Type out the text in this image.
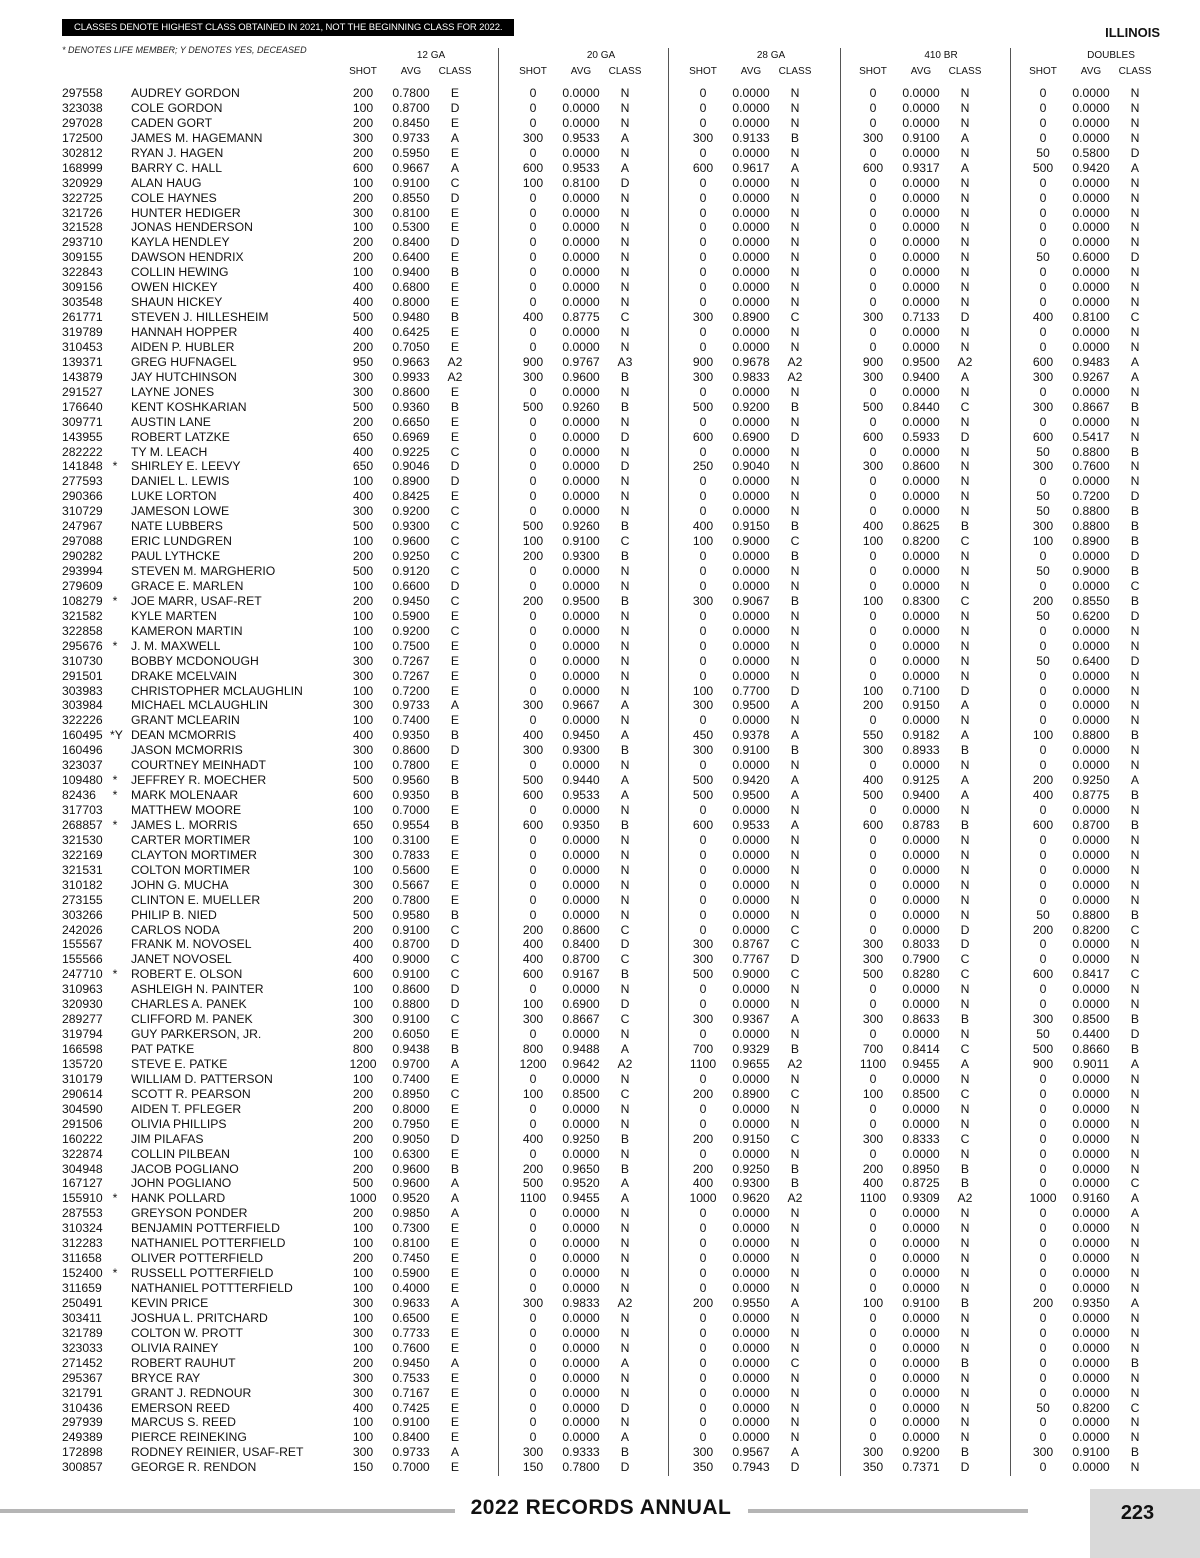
CLASSES DENOTE HIGHEST CLASS OBTAINED IN 2021, NOT THE BEGINNING CLASS FOR 2022.	ILLINOIS
* DENOTES LIFE MEMBER; Y DENOTES YES, DECEASED	12 GA
SHOT	AVG	CLASS
20 GA
SHOT	AVG	CLASS
28 GA
SHOT	AVG	CLASS
410 BR
SHOT	AVG	CLASS
DOUBLES
SHOT	AVG	CLASS
297558 AUDREY GORDON	200	0.7800	E	0	0.0000	N	0	0.0000	N	0	0.0000	N	0	0.0000	N
323038 COLE GORDON	100	0.8700	D	0	0.0000	N	0	0.0000	N	0	0.0000	N	0	0.0000	N
297028 CADEN GORT	200	0.8450	E	0	0.0000	N	0	0.0000	N	0	0.0000	N	0	0.0000	N
172500 JAMES M. HAGEMANN	300	0.9733	A	300	0.9533	A	300	0.9133	B	300	0.9100	A	0	0.0000	N
302812 RYAN J. HAGEN	200	0.5950	E	0	0.0000	N	0	0.0000	N	0	0.0000	N	50	0.5800	D
168999 BARRY C. HALL	600	0.9667	A	600	0.9533	A	600	0.9617	A	600	0.9317	A	500	0.9420	A
320929 ALAN HAUG	100	0.9100	C	100	0.8100	D	0	0.0000	N	0	0.0000	N	0	0.0000	N
322725 COLE HAYNES	200	0.8550	D	0	0.0000	N	0	0.0000	N	0	0.0000	N	0	0.0000	N
321726 HUNTER HEDIGER	300	0.8100	E	0	0.0000	N	0	0.0000	N	0	0.0000	N	0	0.0000	N
321528 JONAS HENDERSON	100	0.5300	E	0	0.0000	N	0	0.0000	N	0	0.0000	N	0	0.0000	N
293710 KAYLA HENDLEY	200	0.8400	D	0	0.0000	N	0	0.0000	N	0	0.0000	N	0	0.0000	N
309155 DAWSON HENDRIX	200	0.6400	E	0	0.0000	N	0	0.0000	N	0	0.0000	N	50	0.6000	D
322843 COLLIN HEWING	100	0.9400	B	0	0.0000	N	0	0.0000	N	0	0.0000	N	0	0.0000	N
309156 OWEN HICKEY	400	0.6800	E	0	0.0000	N	0	0.0000	N	0	0.0000	N	0	0.0000	N
303548 SHAUN HICKEY	400	0.8000	E	0	0.0000	N	0	0.0000	N	0	0.0000	N	0	0.0000	N
261771 STEVEN J. HILLESHEIM	500	0.9480	B	400	0.8775	C	300	0.8900	C	300	0.7133	D	400	0.8100	C
319789 HANNAH HOPPER	400	0.6425	E	0	0.0000	N	0	0.0000	N	0	0.0000	N	0	0.0000	N
310453 AIDEN P. HUBLER	200	0.7050	E	0	0.0000	N	0	0.0000	N	0	0.0000	N	0	0.0000	N
139371 GREG HUFNAGEL	950	0.9663	A2	900	0.9767	A3	900	0.9678	A2	900	0.9500	A2	600	0.9483	A
143879 JAY HUTCHINSON	300	0.9933	A2	300	0.9600	B	300	0.9833	A2	300	0.9400	A	300	0.9267	A
291527 LAYNE JONES	300	0.8600	E	0	0.0000	N	0	0.0000	N	0	0.0000	N	0	0.0000	N
176640 KENT KOSHKARIAN	500	0.9360	B	500	0.9260	B	500	0.9200	B	500	0.8440	C	300	0.8667	B
309771 AUSTIN LANE	200	0.6650	E	0	0.0000	N	0	0.0000	N	0	0.0000	N	0	0.0000	N
143955 ROBERT LATZKE	650	0.6969	E	0	0.0000	D	600	0.6900	D	600	0.5933	D	600	0.5417	N
282222 TY M. LEACH	400	0.9225	C	0	0.0000	N	0	0.0000	N	0	0.0000	N	50	0.8800	B
141848 * SHIRLEY E. LEEVY	650	0.9046	D	0	0.0000	D	250	0.9040	N	300	0.8600	N	300	0.7600	N
277593 DANIEL L. LEWIS	100	0.8900	D	0	0.0000	N	0	0.0000	N	0	0.0000	N	0	0.0000	N
290366 LUKE LORTON	400	0.8425	E	0	0.0000	N	0	0.0000	N	0	0.0000	N	50	0.7200	D
310729 JAMESON LOWE	300	0.9200	C	0	0.0000	N	0	0.0000	N	0	0.0000	N	50	0.8800	B
247967 NATE LUBBERS	500	0.9300	C	500	0.9260	B	400	0.9150	B	400	0.8625	B	300	0.8800	B
297088 ERIC LUNDGREN	100	0.9600	C	100	0.9100	C	100	0.9000	C	100	0.8200	C	100	0.8900	B
290282 PAUL LYTHCKE	200	0.9250	C	200	0.9300	B	0	0.0000	B	0	0.0000	N	0	0.0000	D
293994 STEVEN M. MARGHERIO	500	0.9120	C	0	0.0000	N	0	0.0000	N	0	0.0000	N	50	0.9000	B
279609 GRACE E. MARLEN	100	0.6600	D	0	0.0000	N	0	0.0000	N	0	0.0000	N	0	0.0000	C
108279 * JOE MARR, USAF-RET	200	0.9450	C	200	0.9500	B	300	0.9067	B	100	0.8300	C	200	0.8550	B
321582 KYLE MARTEN	100	0.5900	E	0	0.0000	N	0	0.0000	N	0	0.0000	N	50	0.6200	D
322858 KAMERON MARTIN	100	0.9200	C	0	0.0000	N	0	0.0000	N	0	0.0000	N	0	0.0000	N
295676 * J. M. MAXWELL	100	0.7500	E	0	0.0000	N	0	0.0000	N	0	0.0000	N	0	0.0000	N
310730 BOBBY MCDONOUGH	300	0.7267	E	0	0.0000	N	0	0.0000	N	0	0.0000	N	50	0.6400	D
291501 DRAKE MCELVAIN	300	0.7267	E	0	0.0000	N	0	0.0000	N	0	0.0000	N	0	0.0000	N
303983 CHRISTOPHER MCLAUGHLIN	100	0.7200	E	0	0.0000	N	100	0.7700	D	100	0.7100	D	0	0.0000	N
303984 MICHAEL MCLAUGHLIN	300	0.9733	A	300	0.9667	A	300	0.9500	A	200	0.9150	A	0	0.0000	N
322226 GRANT MCLEARIN	100	0.7400	E	0	0.0000	N	0	0.0000	N	0	0.0000	N	0	0.0000	N
160495 *Y DEAN MCMORRIS	400	0.9350	B	400	0.9450	A	450	0.9378	A	550	0.9182	A	100	0.8800	B
160496 JASON MCMORRIS	300	0.8600	D	300	0.9300	B	300	0.9100	B	300	0.8933	B	0	0.0000	N
323037 COURTNEY MEINHADT	100	0.7800	E	0	0.0000	N	0	0.0000	N	0	0.0000	N	0	0.0000	N
109480 * JEFFREY R. MOECHER	500	0.9560	B	500	0.9440	A	500	0.9420	A	400	0.9125	A	200	0.9250	A
82436 * MARK MOLENAAR	600	0.9350	B	600	0.9533	A	500	0.9500	A	500	0.9400	A	400	0.8775	B
317703 MATTHEW MOORE	100	0.7000	E	0	0.0000	N	0	0.0000	N	0	0.0000	N	0	0.0000	N
268857 * JAMES L. MORRIS	650	0.9554	B	600	0.9350	B	600	0.9533	A	600	0.8783	B	600	0.8700	B
321530 CARTER MORTIMER	100	0.3100	E	0	0.0000	N	0	0.0000	N	0	0.0000	N	0	0.0000	N
322169 CLAYTON MORTIMER	300	0.7833	E	0	0.0000	N	0	0.0000	N	0	0.0000	N	0	0.0000	N
321531 COLTON MORTIMER	100	0.5600	E	0	0.0000	N	0	0.0000	N	0	0.0000	N	0	0.0000	N
310182 JOHN G. MUCHA	300	0.5667	E	0	0.0000	N	0	0.0000	N	0	0.0000	N	0	0.0000	N
273155 CLINTON E. MUELLER	200	0.7800	E	0	0.0000	N	0	0.0000	N	0	0.0000	N	0	0.0000	N
303266 PHILIP B. NIED	500	0.9580	B	0	0.0000	N	0	0.0000	N	0	0.0000	N	50	0.8800	B
242026 CARLOS NODA	200	0.9100	C	200	0.8600	C	0	0.0000	C	0	0.0000	D	200	0.8200	C
155567 FRANK M. NOVOSEL	400	0.8700	D	400	0.8400	D	300	0.8767	C	300	0.8033	D	0	0.0000	N
155566 JANET NOVOSEL	400	0.9000	C	400	0.8700	C	300	0.7767	D	300	0.7900	C	0	0.0000	N
247710 * ROBERT E. OLSON	600	0.9100	C	600	0.9167	B	500	0.9000	C	500	0.8280	C	600	0.8417	C
310963 ASHLEIGH N. PAINTER	100	0.8600	D	0	0.0000	N	0	0.0000	N	0	0.0000	N	0	0.0000	N
320930 CHARLES A. PANEK	100	0.8800	D	100	0.6900	D	0	0.0000	N	0	0.0000	N	0	0.0000	N
289277 CLIFFORD M. PANEK	300	0.9100	C	300	0.8667	C	300	0.9367	A	300	0.8633	B	300	0.8500	B
319794 GUY PARKERSON, JR.	200	0.6050	E	0	0.0000	N	0	0.0000	N	0	0.0000	N	50	0.4400	D
166598 PAT PATKE	800	0.9438	B	800	0.9488	A	700	0.9329	B	700	0.8414	C	500	0.8660	B
135720 STEVE E. PATKE	1200	0.9700	A	1200	0.9642	A2	1100	0.9655	A2	1100	0.9455	A	900	0.9011	A
310179 WILLIAM D. PATTERSON	100	0.7400	E	0	0.0000	N	0	0.0000	N	0	0.0000	N	0	0.0000	N
290614 SCOTT R. PEARSON	200	0.8950	C	100	0.8500	C	200	0.8900	C	100	0.8500	C	0	0.0000	N
304590 AIDEN T. PFLEGER	200	0.8000	E	0	0.0000	N	0	0.0000	N	0	0.0000	N	0	0.0000	N
291506 OLIVIA PHILLIPS	200	0.7950	E	0	0.0000	N	0	0.0000	N	0	0.0000	N	0	0.0000	N
160222 JIM PILAFAS	200	0.9050	D	400	0.9250	B	200	0.9150	C	300	0.8333	C	0	0.0000	N
322874 COLLIN PILBEAN	100	0.6300	E	0	0.0000	N	0	0.0000	N	0	0.0000	N	0	0.0000	N
304948 JACOB POGLIANO	200	0.9600	B	200	0.9650	B	200	0.9250	B	200	0.8950	B	0	0.0000	N
167127 JOHN POGLIANO	500	0.9600	A	500	0.9520	A	400	0.9300	B	400	0.8725	B	0	0.0000	C
155910 * HANK POLLARD	1000	0.9520	A	1100	0.9455	A	1000	0.9620	A2	1100	0.9309	A2	1000	0.9160	A
287553 GREYSON PONDER	200	0.9850	A	0	0.0000	N	0	0.0000	N	0	0.0000	N	0	0.0000	A
310324 BENJAMIN POTTERFIELD	100	0.7300	E	0	0.0000	N	0	0.0000	N	0	0.0000	N	0	0.0000	N
312283 NATHANIEL POTTERFIELD	100	0.8100	E	0	0.0000	N	0	0.0000	N	0	0.0000	N	0	0.0000	N
311658 OLIVER POTTERFIELD	200	0.7450	E	0	0.0000	N	0	0.0000	N	0	0.0000	N	0	0.0000	N
152400 * RUSSELL POTTERFIELD	100	0.5900	E	0	0.0000	N	0	0.0000	N	0	0.0000	N	0	0.0000	N
311659 NATHANIEL POTTTERFIELD	100	0.4000	E	0	0.0000	N	0	0.0000	N	0	0.0000	N	0	0.0000	N
250491 KEVIN PRICE	300	0.9633	A	300	0.9833	A2	200	0.9550	A	100	0.9100	B	200	0.9350	A
303411 JOSHUA L. PRITCHARD	100	0.6500	E	0	0.0000	N	0	0.0000	N	0	0.0000	N	0	0.0000	N
321789 COLTON W. PROTT	300	0.7733	E	0	0.0000	N	0	0.0000	N	0	0.0000	N	0	0.0000	N
323033 OLIVIA RAINEY	100	0.7600	E	0	0.0000	N	0	0.0000	N	0	0.0000	N	0	0.0000	N
271452 ROBERT RAUHUT	200	0.9450	A	0	0.0000	A	0	0.0000	C	0	0.0000	B	0	0.0000	B
295367 BRYCE RAY	300	0.7533	E	0	0.0000	N	0	0.0000	N	0	0.0000	N	0	0.0000	N
321791 GRANT J. REDNOUR	300	0.7167	E	0	0.0000	N	0	0.0000	N	0	0.0000	N	0	0.0000	N
310436 EMERSON REED	400	0.7425	E	0	0.0000	D	0	0.0000	N	0	0.0000	N	50	0.8200	C
297939 MARCUS S. REED	100	0.9100	E	0	0.0000	N	0	0.0000	N	0	0.0000	N	0	0.0000	N
249389 PIERCE REINEKING	100	0.8400	E	0	0.0000	A	0	0.0000	N	0	0.0000	N	0	0.0000	N
172898 RODNEY REINIER, USAF-RET	300	0.9733	A	300	0.9333	B	300	0.9567	A	300	0.9200	B	300	0.9100	B
300857 GEORGE R. RENDON	150	0.7000	E	150	0.7800	D	350	0.7943	D	350	0.7371	D	0	0.0000	N
2022 RECORDS ANNUAL	223
